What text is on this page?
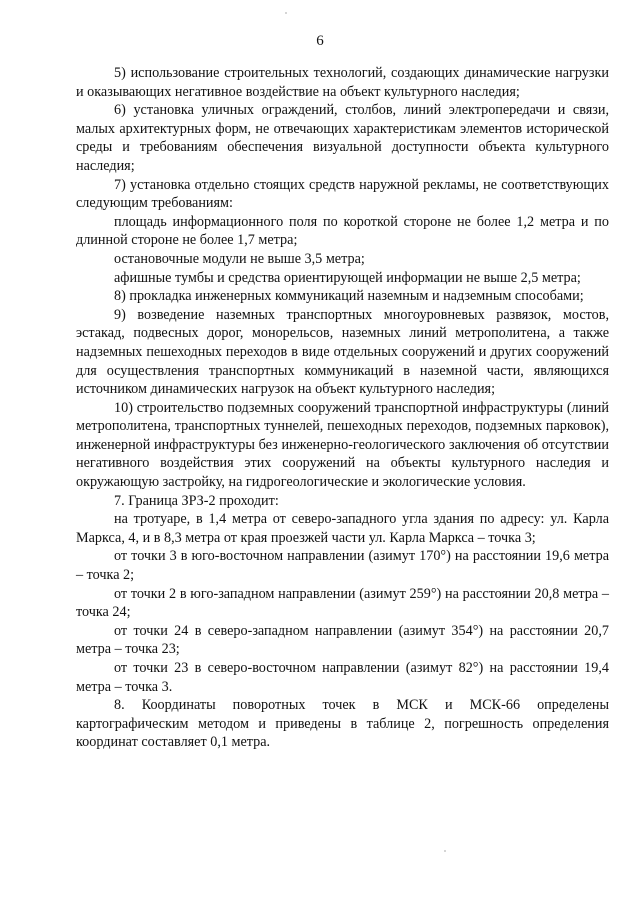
6

5) использование строительных технологий, создающих динамические нагрузки и оказывающих негативное воздействие на объект культурного наследия;

6) установка уличных ограждений, столбов, линий электропередачи и связи, малых архитектурных форм, не отвечающих характеристикам элементов исторической среды и требованиям обеспечения визуальной доступности объекта культурного наследия;

7) установка отдельно стоящих средств наружной рекламы, не соответствующих следующим требованиям:

площадь информационного поля по короткой стороне не более 1,2 метра и по длинной стороне не более 1,7 метра;

остановочные модули не выше 3,5 метра;

афишные тумбы и средства ориентирующей информации не выше 2,5 метра;

8) прокладка инженерных коммуникаций наземным и надземным способами;

9) возведение наземных транспортных многоуровневых развязок, мостов, эстакад, подвесных дорог, монорельсов, наземных линий метрополитена, а также надземных пешеходных переходов в виде отдельных сооружений и других сооружений для осуществления транспортных коммуникаций в наземной части, являющихся источником динамических нагрузок на объект культурного наследия;

10) строительство подземных сооружений транспортной инфраструктуры (линий метрополитена, транспортных туннелей, пешеходных переходов, подземных парковок), инженерной инфраструктуры без инженерно-геологического заключения об отсутствии негативного воздействия этих сооружений на объекты культурного наследия и окружающую застройку, на гидрогеологические и экологические условия.

7. Граница ЗРЗ-2 проходит:

на тротуаре, в 1,4 метра от северо-западного угла здания по адресу: ул. Карла Маркса, 4, и в 8,3 метра от края проезжей части ул. Карла Маркса – точка 3;

от точки 3 в юго-восточном направлении (азимут 170°) на расстоянии 19,6 метра – точка 2;

от точки 2 в юго-западном направлении (азимут 259°) на расстоянии 20,8 метра – точка 24;

от точки 24 в северо-западном направлении (азимут 354°) на расстоянии 20,7 метра – точка 23;

от точки 23 в северо-восточном направлении (азимут 82°) на расстоянии 19,4 метра – точка 3.

8. Координаты поворотных точек в МСК и МСК-66 определены картографическим методом и приведены в таблице 2, погрешность определения координат составляет 0,1 метра.
